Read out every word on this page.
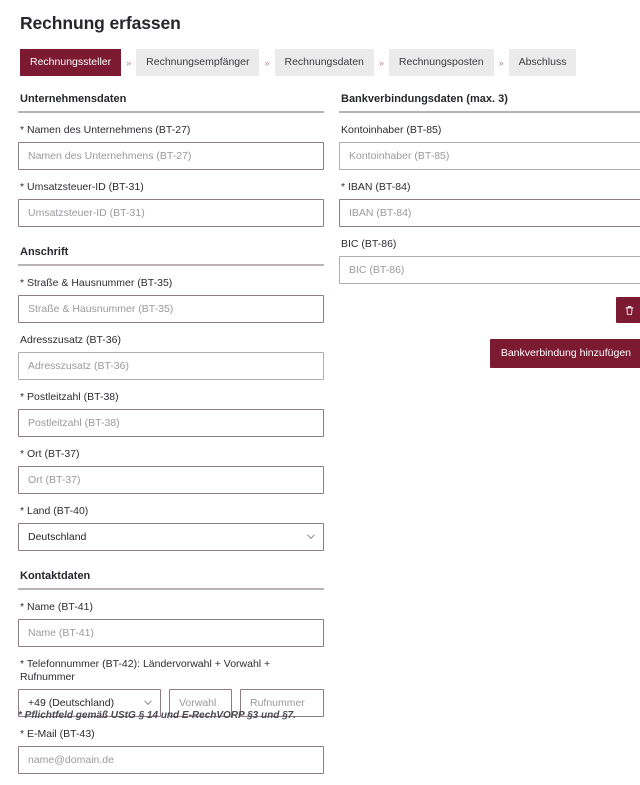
Rechnung erfassen
Rechnungssteller	»	Rechnungsempfänger	»	Rechnungsdaten	»	Rechnungsposten	»	Abschluss
Unternehmensdaten
* Namen des Unternehmens (BT-27)
Namen des Unternehmens (BT-27)
* Umsatzsteuer-ID (BT-31)
Umsatzsteuer-ID (BT-31)
Anschrift
* Straße & Hausnummer (BT-35)
Straße & Hausnummer (BT-35)
Adresszusatz (BT-36)
Adresszusatz (BT-36)
* Postleitzahl (BT-38)
Postleitzahl (BT-38)
* Ort (BT-37)
Ort (BT-37)
* Land (BT-40)
Deutschland
Kontaktdaten
* Name (BT-41)
Name (BT-41)
* Telefonnummer (BT-42): Ländervorwahl + Vorwahl + Rufnummer
+49 (Deutschland)
Vorwahl
Rufnummer
* E-Mail (BT-43)
name@domain.de
Bankverbindungsdaten (max. 3)
Kontoinhaber (BT-85)
Kontoinhaber (BT-85)
* IBAN (BT-84)
IBAN (BT-84)
BIC (BT-86)
BIC (BT-86)
Bankverbindung hinzufügen
* Pflichtfeld gemäß UStG § 14 und E-RechVORP §3 und §7.
